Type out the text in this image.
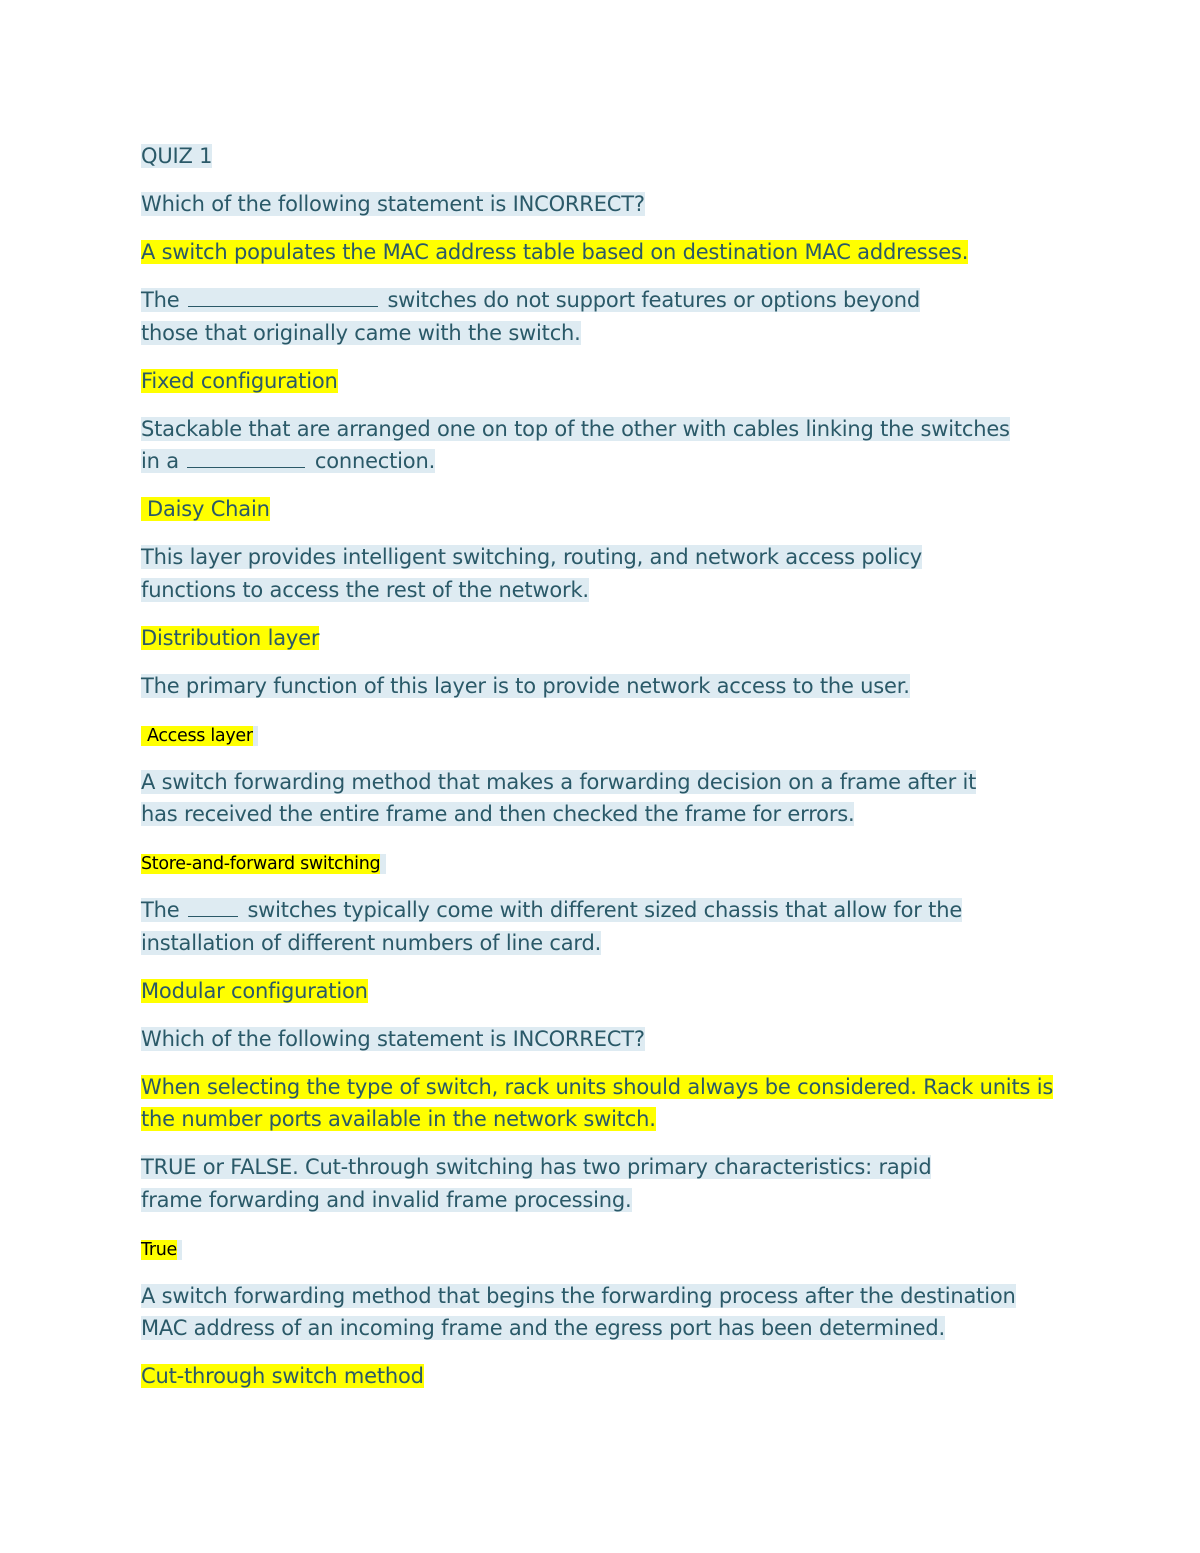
QUIZ 1

Which of the following statement is INCORRECT?

A switch populates the MAC address table based on destination MAC addresses.

The	switches do not support features or options beyond those that originally came with the switch.

Fixed configuration

Stackable that are arranged one on top of the other with cables linking the switches in a	connection.

Daisy Chain

This layer provides intelligent switching, routing, and network access policy functions to access the rest of the network.

Distribution layer

The primary function of this layer is to provide network access to the user.

Access layer

A switch forwarding method that makes a forwarding decision on a frame after it has received the entire frame and then checked the frame for errors.

Store-and-forward switching

The	switches typically come with different sized chassis that allow for the installation of different numbers of line card.

Modular configuration

Which of the following statement is INCORRECT?

When selecting the type of switch, rack units should always be considered. Rack units is the number ports available in the network switch.

TRUE or FALSE. Cut-through switching has two primary characteristics: rapid frame forwarding and invalid frame processing.

True

A switch forwarding method that begins the forwarding process after the destination MAC address of an incoming frame and the egress port has been determined.

Cut-through switch method
